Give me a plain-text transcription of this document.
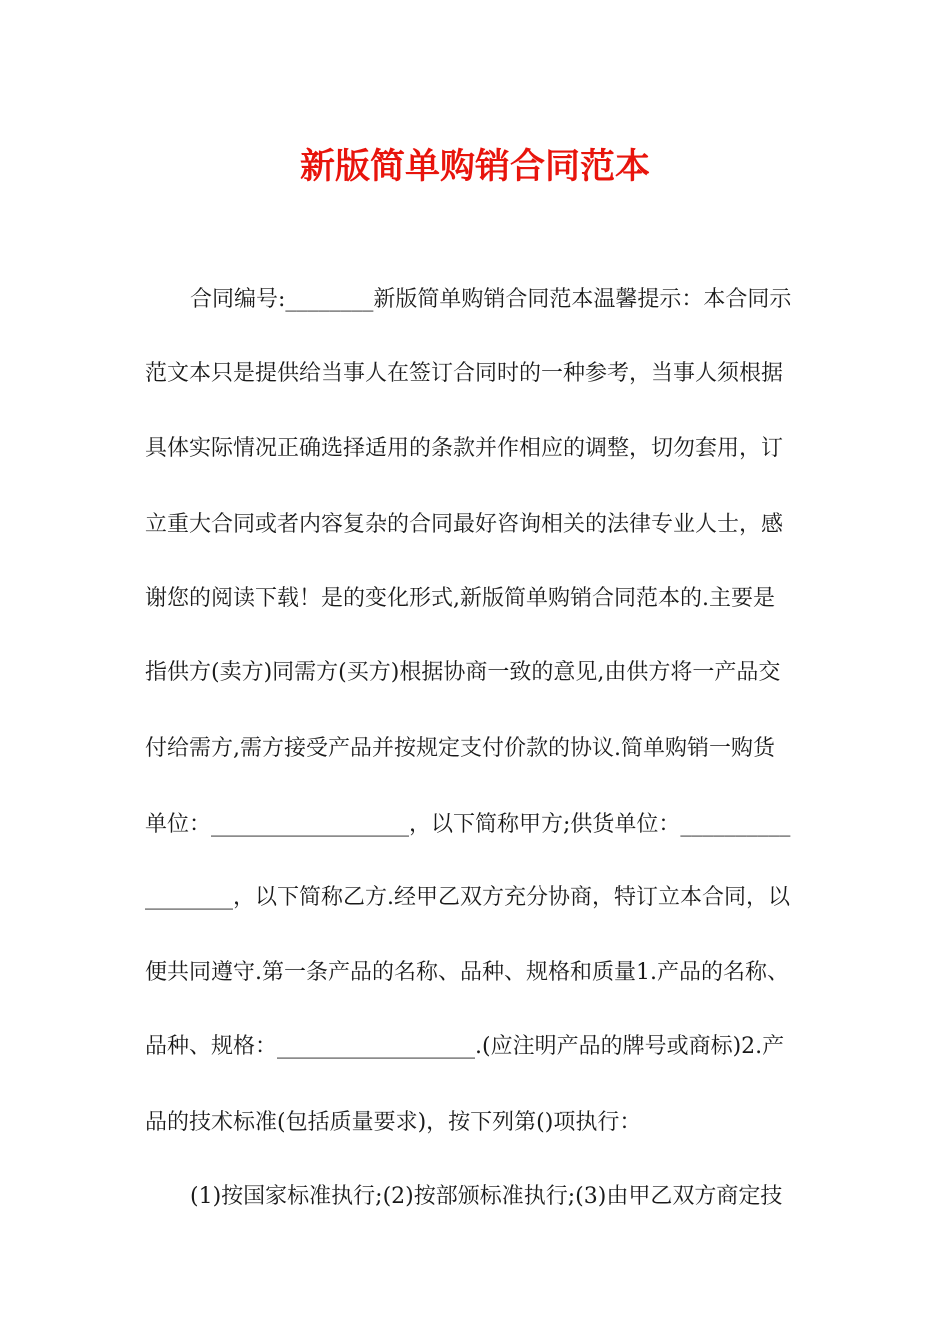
新版简单购销合同范本

合同编号:________新版简单购销合同范本温馨提示：本合同示

范文本只是提供给当事人在签订合同时的一种参考，当事人须根据

具体实际情况正确选择适用的条款并作相应的调整，切勿套用，订

立重大合同或者内容复杂的合同最好咨询相关的法律专业人士，感

谢您的阅读下载！是的变化形式,新版简单购销合同范本的.主要是

指供方(卖方)同需方(买方)根据协商一致的意见,由供方将一产品交

付给需方,需方接受产品并按规定支付价款的协议.简单购销一购货

单位：__________________，以下简称甲方;供货单位：__________

________，以下简称乙方.经甲乙双方充分协商，特订立本合同，以

便共同遵守.第一条产品的名称、品种、规格和质量1.产品的名称、

品种、规格：__________________.(应注明产品的牌号或商标)2.产

品的技术标准(包括质量要求)，按下列第()项执行：

(1)按国家标准执行;(2)按部颁标准执行;(3)由甲乙双方商定技
